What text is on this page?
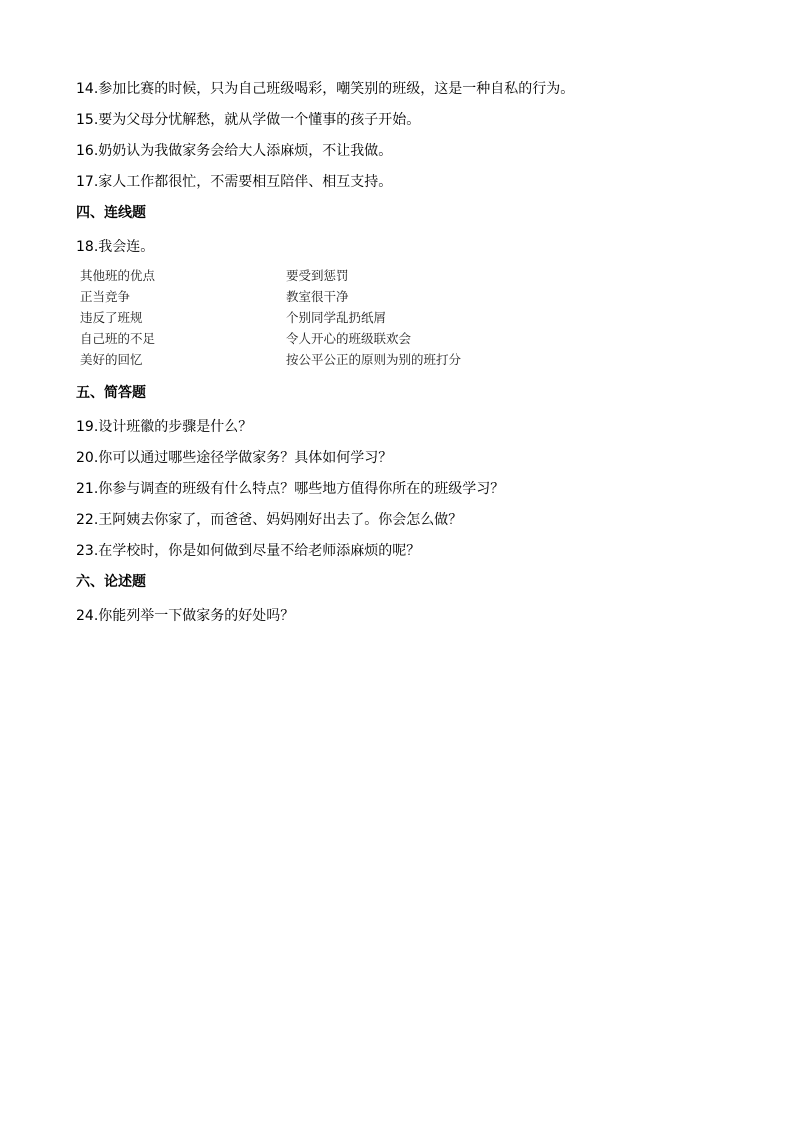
14.参加比赛的时候，只为自己班级喝彩，嘲笑别的班级，这是一种自私的行为。
15.要为父母分忧解愁，就从学做一个懂事的孩子开始。
16.奶奶认为我做家务会给大人添麻烦，不让我做。
17.家人工作都很忙，不需要相互陪伴、相互支持。
四、连线题
18.我会连。
其他班的优点	要受到惩罚
正当竞争	教室很干净
违反了班规	个别同学乱扔纸屑
自己班的不足	令人开心的班级联欢会
美好的回忆	按公平公正的原则为别的班打分
五、简答题
19.设计班徽的步骤是什么？
20.你可以通过哪些途径学做家务？具体如何学习？
21.你参与调查的班级有什么特点？哪些地方值得你所在的班级学习？
22.王阿姨去你家了，而爸爸、妈妈刚好出去了。你会怎么做？
23.在学校时，你是如何做到尽量不给老师添麻烦的呢？
六、论述题
24.你能列举一下做家务的好处吗？
